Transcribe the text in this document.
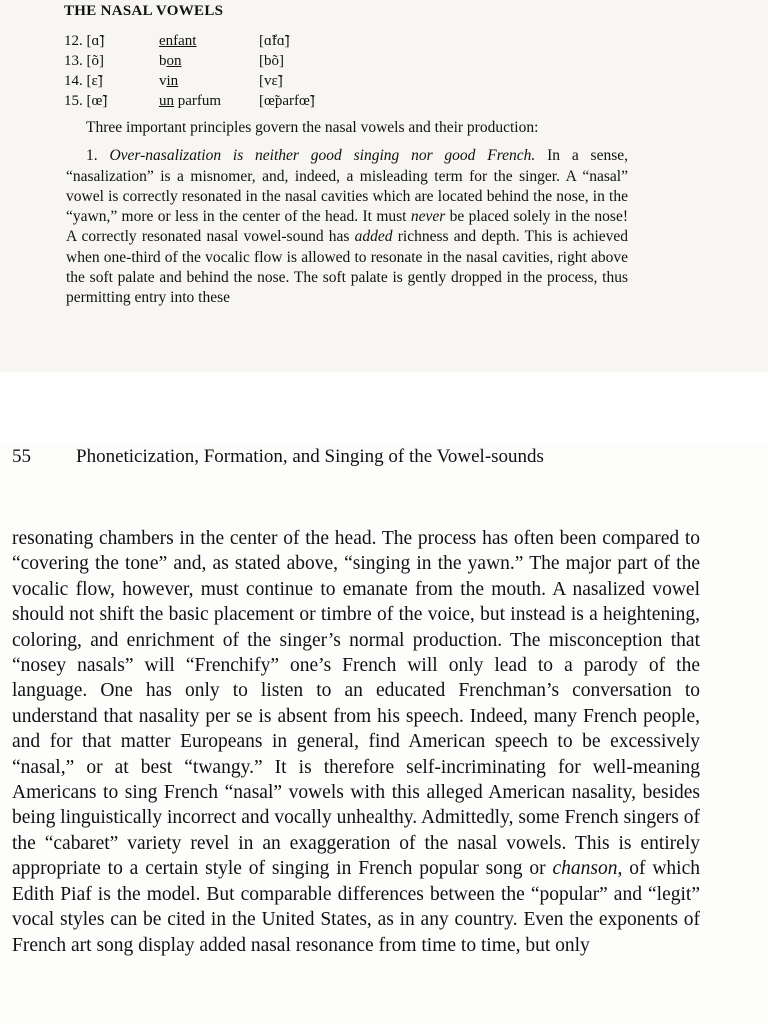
THE NASAL VOWELS
12. [ɑ̃]	enfant	[ɑ̃fɑ̃]
13. [õ]	bon	[bõ]
14. [ɛ̃]	vin	[vɛ̃]
15. [œ̃]	un parfum	[œ̃parfœ̃]

Three important principles govern the nasal vowels and their production:

1. Over-nasalization is neither good singing nor good French. In a sense, “nasalization” is a misnomer, and, indeed, a misleading term for the singer. A “nasal” vowel is correctly resonated in the nasal cavities which are located behind the nose, in the “yawn,” more or less in the center of the head. It must never be placed solely in the nose! A correctly resonated nasal vowel-sound has added richness and depth. This is achieved when one-third of the vocalic flow is allowed to resonate in the nasal cavities, right above the soft palate and behind the nose. The soft palate is gently dropped in the process, thus permitting entry into these

55 Phoneticization, Formation, and Singing of the Vowel-sounds

resonating chambers in the center of the head. The process has often been compared to “covering the tone” and, as stated above, “singing in the yawn.” The major part of the vocalic flow, however, must continue to emanate from the mouth. A nasalized vowel should not shift the basic placement or timbre of the voice, but instead is a heightening, coloring, and enrichment of the singer’s normal production. The misconception that “nosey nasals” will “Frenchify” one’s French will only lead to a parody of the language. One has only to listen to an educated Frenchman’s conversation to understand that nasality per se is absent from his speech. Indeed, many French people, and for that matter Europeans in general, find American speech to be excessively “nasal,” or at best “twangy.” It is therefore self-incriminating for well-meaning Americans to sing French “nasal” vowels with this alleged American nasality, besides being linguistically incorrect and vocally unhealthy. Admittedly, some French singers of the “cabaret” variety revel in an exaggeration of the nasal vowels. This is entirely appropriate to a certain style of singing in French popular song or chanson, of which Edith Piaf is the model. But comparable differences between the “popular” and “legit” vocal styles can be cited in the United States, as in any country. Even the exponents of French art song display added nasal resonance from time to time, but only
